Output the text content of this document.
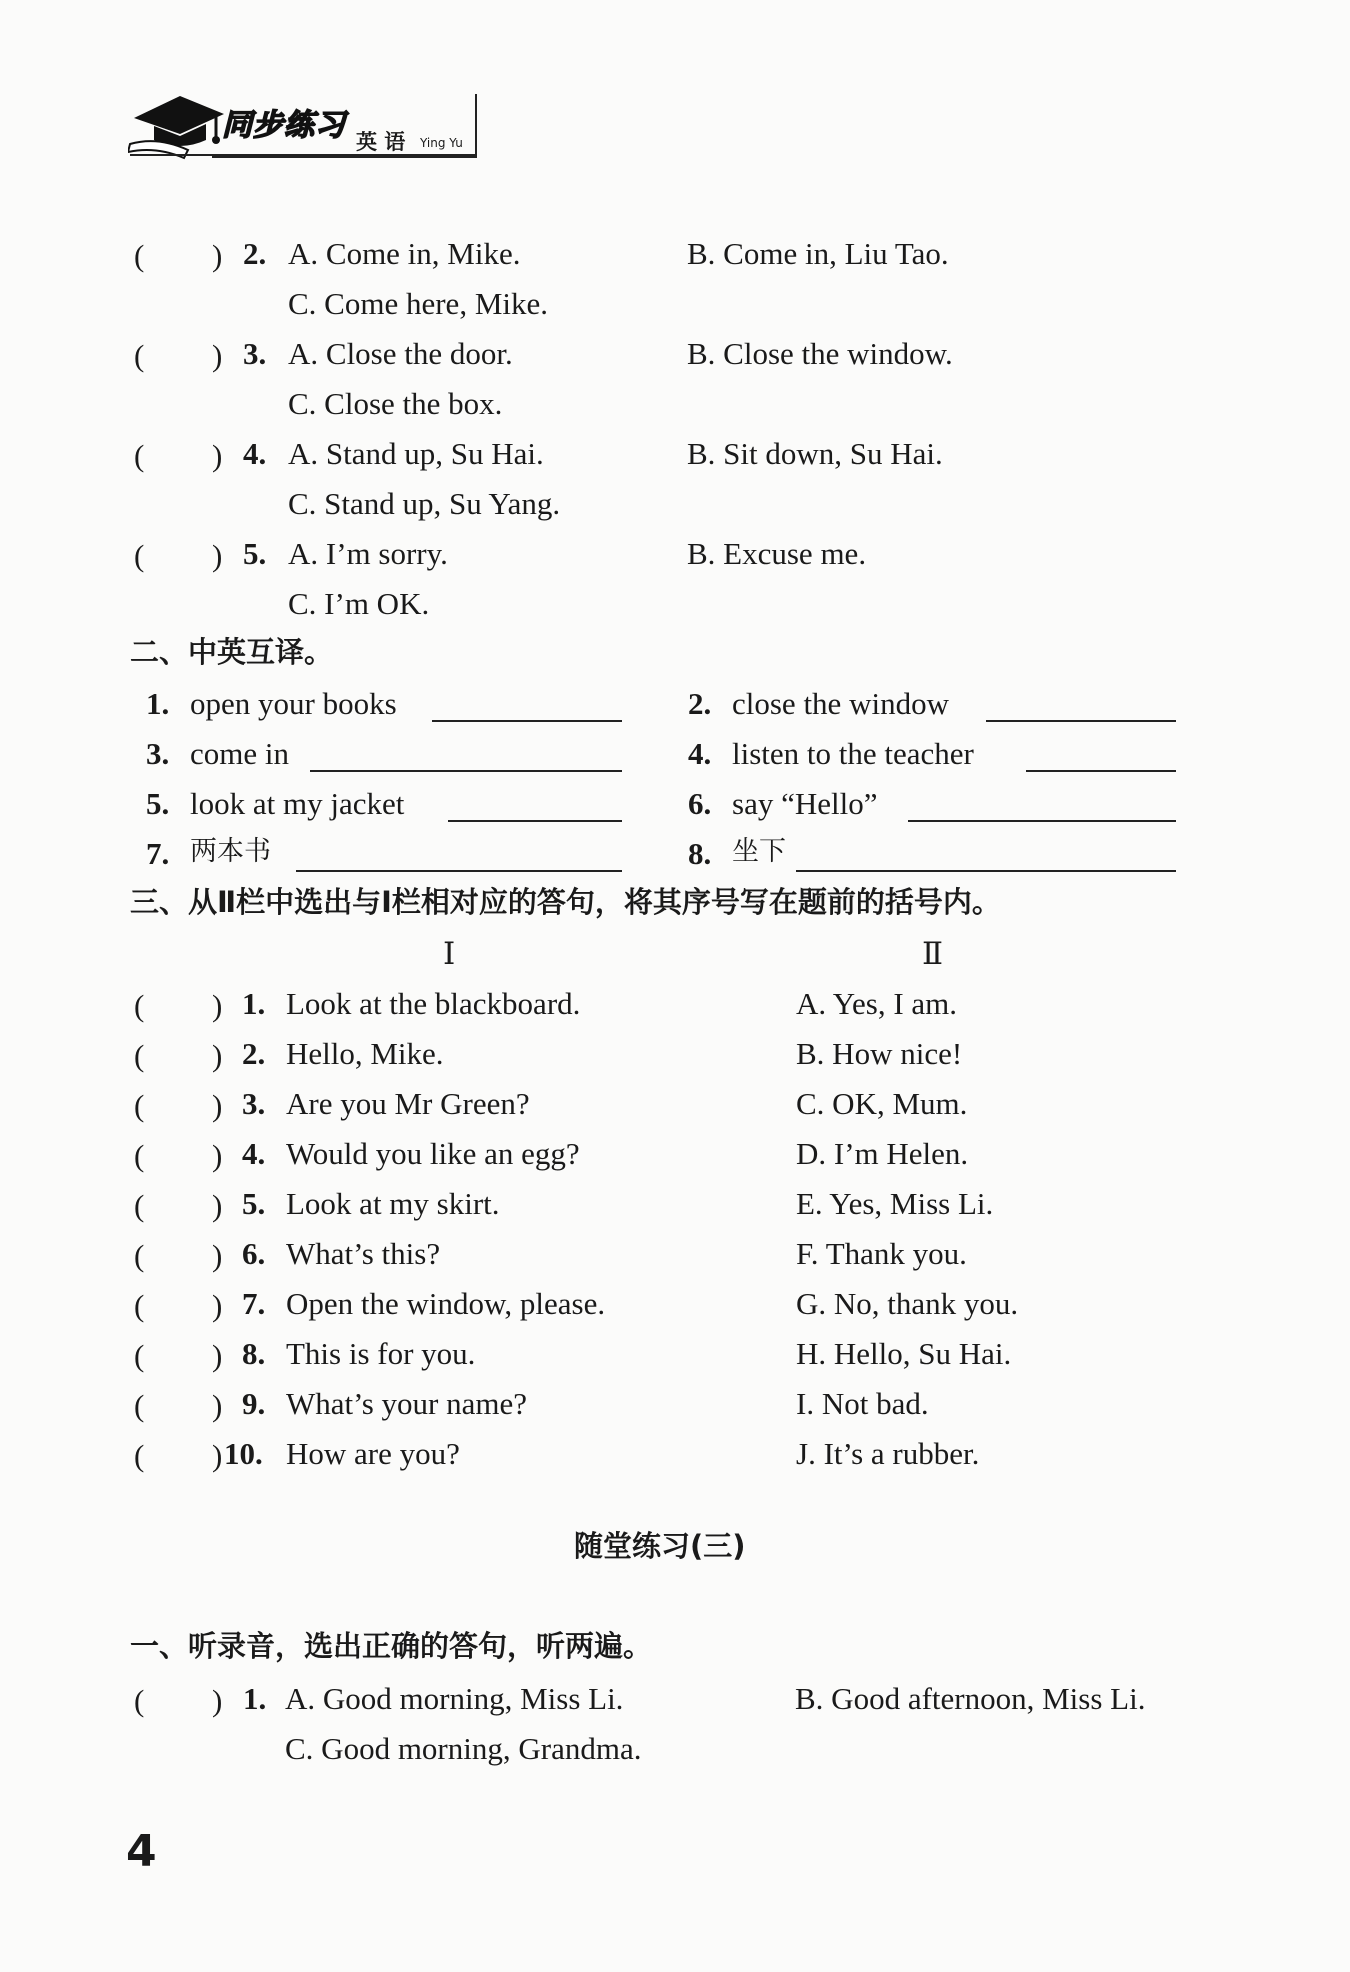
同步练习 英 语 Ying Yu
( ) 2. A. Come in, Mike.	B. Come in, Liu Tao.
C. Come here, Mike.
( ) 3. A. Close the door.	B. Close the window.
C. Close the box.
( ) 4. A. Stand up, Su Hai.	B. Sit down, Su Hai.
C. Stand up, Su Yang.
( ) 5. A. I’m sorry.	B. Excuse me.
C. I’m OK.
二、中英互译。
1. open your books	2. close the window
3. come in	4. listen to the teacher
5. look at my jacket	6. say “Hello”
7. 两本书	8. 坐下
三、从Ⅱ栏中选出与Ⅰ栏相对应的答句，将其序号写在题前的括号内。
Ⅰ	Ⅱ
( ) 1. Look at the blackboard.	A. Yes, I am.
( ) 2. Hello, Mike.	B. How nice!
( ) 3. Are you Mr Green?	C. OK, Mum.
( ) 4. Would you like an egg?	D. I’m Helen.
( ) 5. Look at my skirt.	E. Yes, Miss Li.
( ) 6. What’s this?	F. Thank you.
( ) 7. Open the window, please.	G. No, thank you.
( ) 8. This is for you.	H. Hello, Su Hai.
( ) 9. What’s your name?	I. Not bad.
( ) 10. How are you?	J. It’s a rubber.
随堂练习(三)
一、听录音，选出正确的答句，听两遍。
( ) 1. A. Good morning, Miss Li.	B. Good afternoon, Miss Li.
C. Good morning, Grandma.
4
